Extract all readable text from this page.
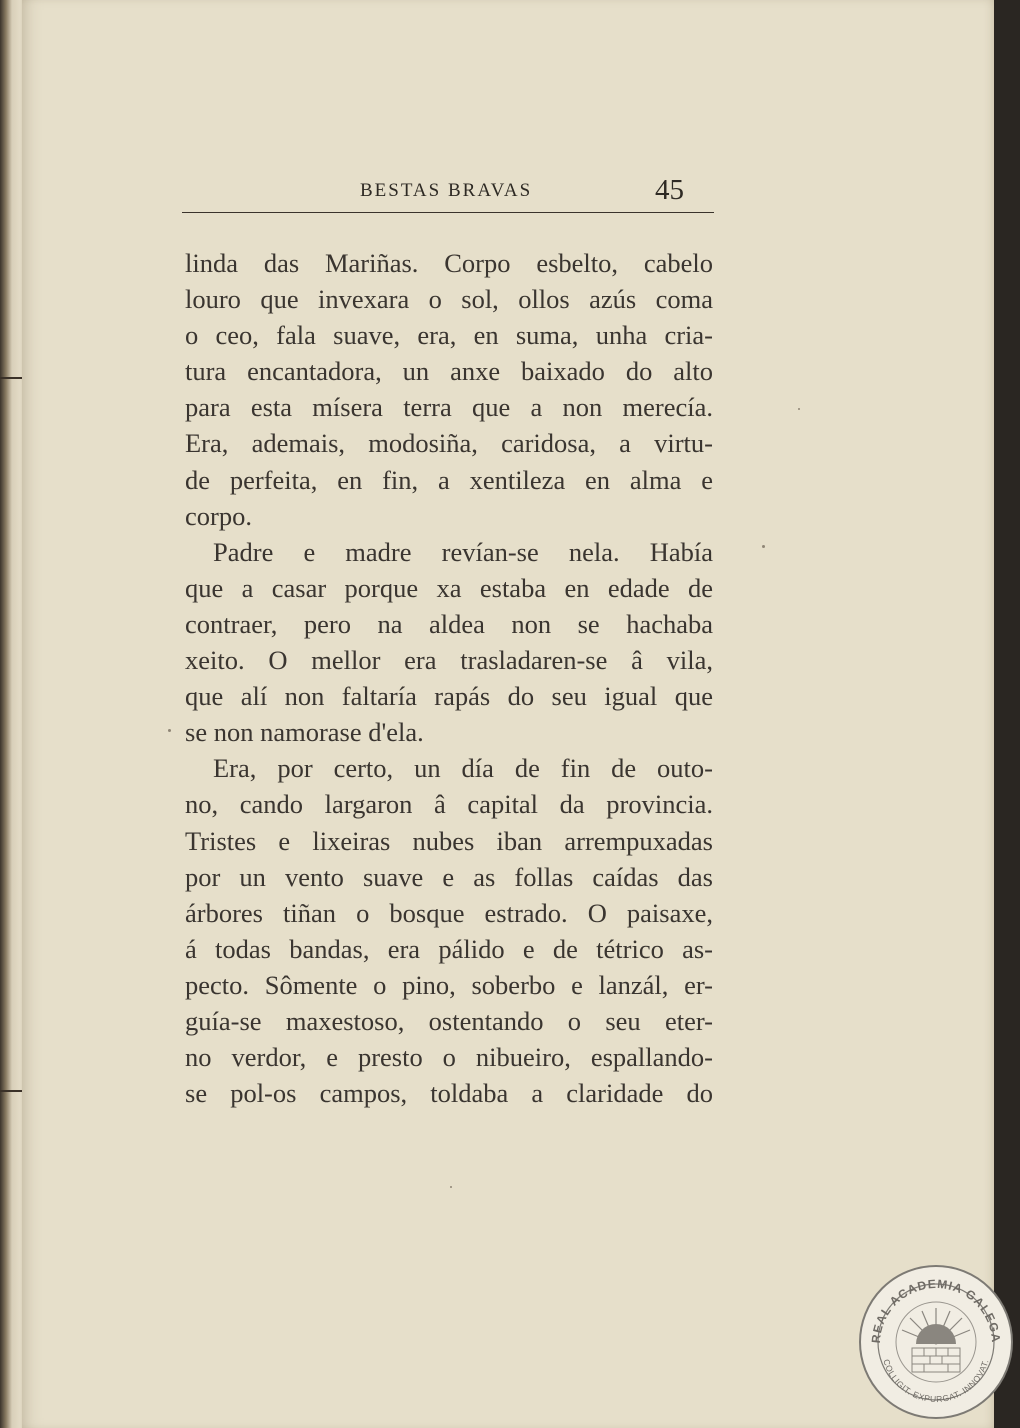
BESTAS BRAVAS	45
linda das Mariñas. Corpo esbelto, cabelo
louro que invexara o sol, ollos azús coma
o ceo, fala suave, era, en suma, unha cria-
tura encantadora, un anxe baixado do alto
para esta mísera terra que a non merecía.
Era, ademais, modosiña, caridosa, a virtu-
de perfeita, en fin, a xentileza en alma e
corpo.
Padre e madre revían-se nela. Había
que a casar porque xa estaba en edade de
contraer, pero na aldea non se hachaba
xeito. O mellor era trasladaren-se â vila,
que alí non faltaría rapás do seu igual que
se non namorase d'ela.
Era, por certo, un día de fin de outo-
no, cando largaron â capital da provincia.
Tristes e lixeiras nubes iban arrempuxadas
por un vento suave e as follas caídas das
árbores tiñan o bosque estrado. O paisaxe,
á todas bandas, era pálido e de tétrico as-
pecto. Sômente o pino, soberbo e lanzál, er-
guía-se maxestoso, ostentando o seu eter-
no verdor, e presto o nibueiro, espallando-
se pol-os campos, toldaba a claridade do
REAL ACADEMIA GALEGA
COLLIGIT. EXPURGAT. INNOVAT.
